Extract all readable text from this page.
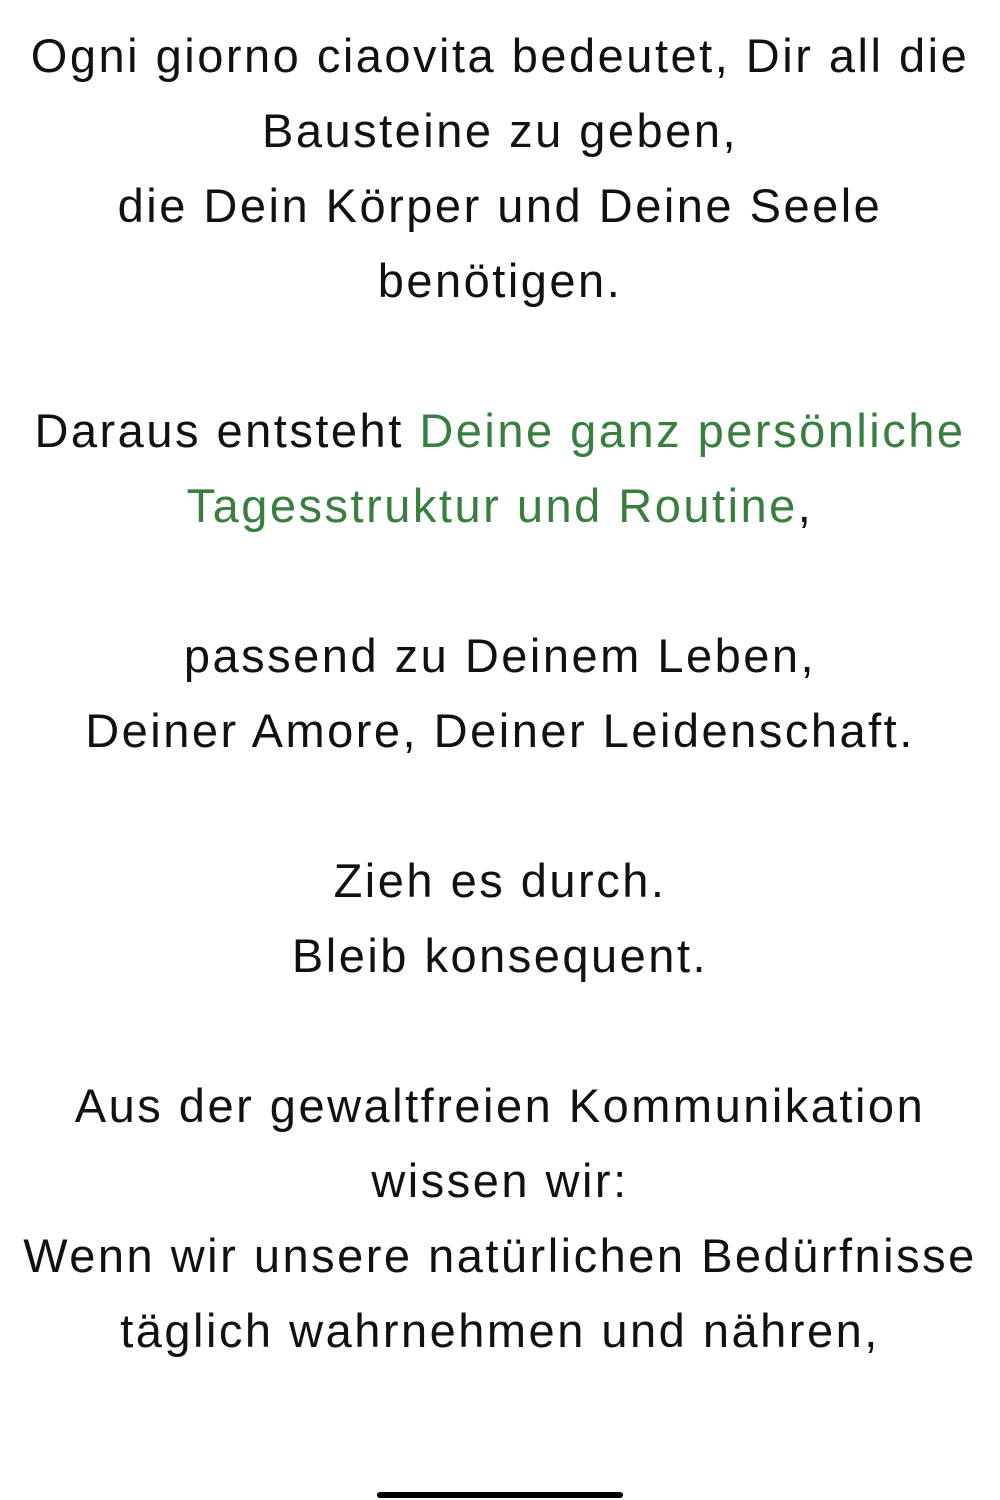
Ogni giorno ciaovita bedeutet, Dir all die
Bausteine zu geben,
die Dein Körper und Deine Seele
benötigen.
Daraus entsteht Deine ganz persönliche
Tagesstruktur und Routine,
passend zu Deinem Leben,
Deiner Amore, Deiner Leidenschaft.
Zieh es durch.
Bleib konsequent.
Aus der gewaltfreien Kommunikation
wissen wir:
Wenn wir unsere natürlichen Bedürfnisse
täglich wahrnehmen und nähren,
